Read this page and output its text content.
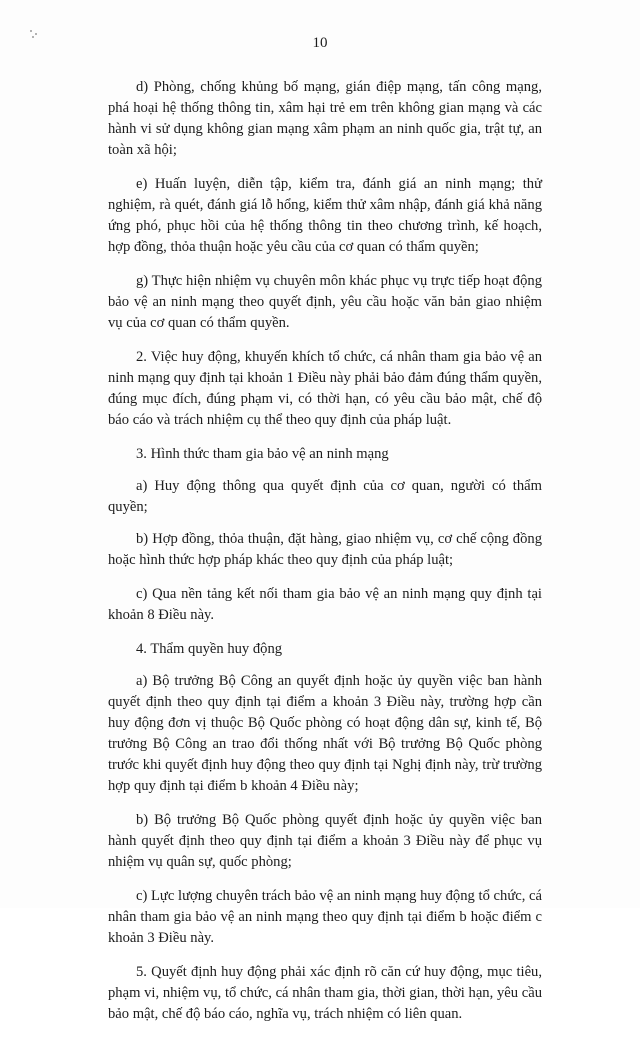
10

d) Phòng, chống khủng bố mạng, gián điệp mạng, tấn công mạng, phá hoại hệ thống thông tin, xâm hại trẻ em trên không gian mạng và các hành vi sử dụng không gian mạng xâm phạm an ninh quốc gia, trật tự, an toàn xã hội;

e) Huấn luyện, diễn tập, kiểm tra, đánh giá an ninh mạng; thử nghiệm, rà quét, đánh giá lỗ hổng, kiểm thử xâm nhập, đánh giá khả năng ứng phó, phục hồi của hệ thống thông tin theo chương trình, kế hoạch, hợp đồng, thỏa thuận hoặc yêu cầu của cơ quan có thẩm quyền;

g) Thực hiện nhiệm vụ chuyên môn khác phục vụ trực tiếp hoạt động bảo vệ an ninh mạng theo quyết định, yêu cầu hoặc văn bản giao nhiệm vụ của cơ quan có thẩm quyền.

2. Việc huy động, khuyến khích tổ chức, cá nhân tham gia bảo vệ an ninh mạng quy định tại khoản 1 Điều này phải bảo đảm đúng thẩm quyền, đúng mục đích, đúng phạm vi, có thời hạn, có yêu cầu bảo mật, chế độ báo cáo và trách nhiệm cụ thể theo quy định của pháp luật.

3. Hình thức tham gia bảo vệ an ninh mạng

a) Huy động thông qua quyết định của cơ quan, người có thẩm quyền;

b) Hợp đồng, thỏa thuận, đặt hàng, giao nhiệm vụ, cơ chế cộng đồng hoặc hình thức hợp pháp khác theo quy định của pháp luật;

c) Qua nền tảng kết nối tham gia bảo vệ an ninh mạng quy định tại khoản 8 Điều này.

4. Thẩm quyền huy động

a) Bộ trưởng Bộ Công an quyết định hoặc ủy quyền việc ban hành quyết định theo quy định tại điểm a khoản 3 Điều này, trường hợp cần huy động đơn vị thuộc Bộ Quốc phòng có hoạt động dân sự, kinh tế, Bộ trưởng Bộ Công an trao đổi thống nhất với Bộ trưởng Bộ Quốc phòng trước khi quyết định huy động theo quy định tại Nghị định này, trừ trường hợp quy định tại điểm b khoản 4 Điều này;

b) Bộ trưởng Bộ Quốc phòng quyết định hoặc ủy quyền việc ban hành quyết định theo quy định tại điểm a khoản 3 Điều này để phục vụ nhiệm vụ quân sự, quốc phòng;

c) Lực lượng chuyên trách bảo vệ an ninh mạng huy động tổ chức, cá nhân tham gia bảo vệ an ninh mạng theo quy định tại điểm b hoặc điểm c khoản 3 Điều này.

5. Quyết định huy động phải xác định rõ căn cứ huy động, mục tiêu, phạm vi, nhiệm vụ, tổ chức, cá nhân tham gia, thời gian, thời hạn, yêu cầu bảo mật, chế độ báo cáo, nghĩa vụ, trách nhiệm có liên quan.
